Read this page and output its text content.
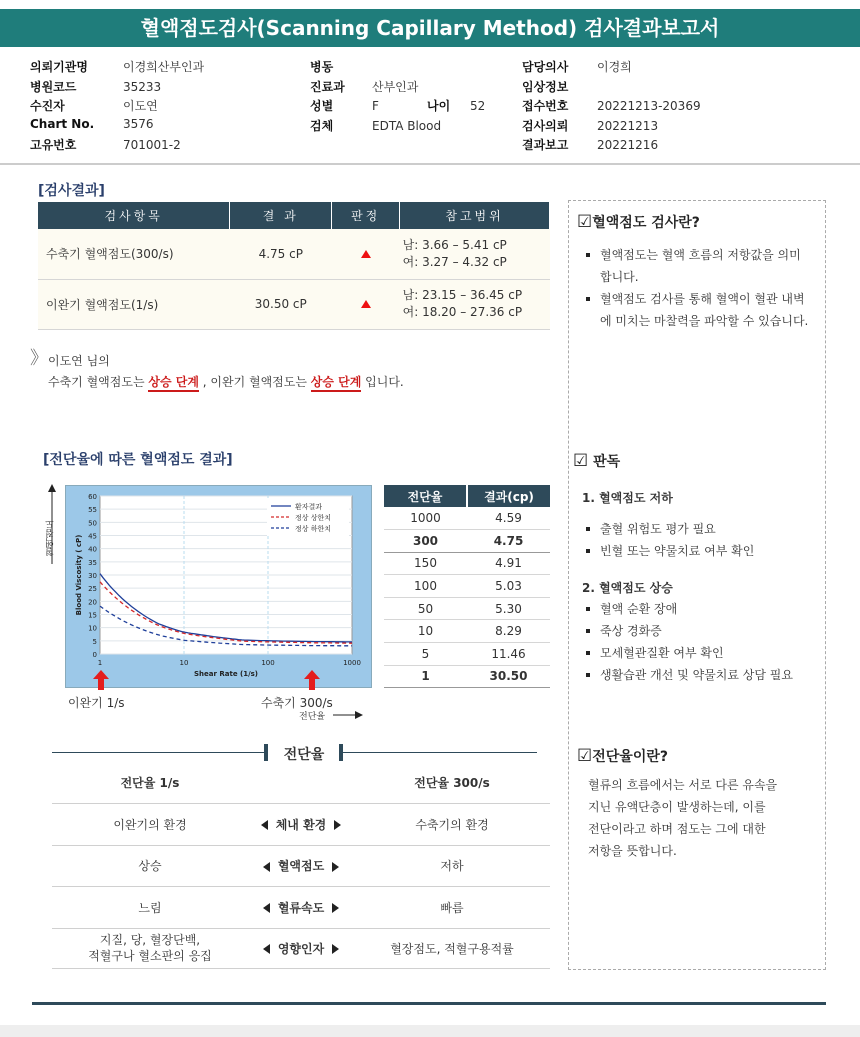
혈액점도검사(Scanning Capillary Method) 검사결과보고서
의뢰기관명	이경희산부인과
병원코드	35233
수진자	이도연
Chart No. 3576
고유번호	701001-2
병동
진료과 산부인과
성별	F	나이 52
검체	EDTA Blood
담당의사 이경희
임상정보
접수번호 20221213-20369
검사의뢰 20221213
결과보고 20221216
[검사결과]
검사항목	결 과	판정	참고범위
수축기 혈액점도(300/s)	4.75 cP		남: 3.66 – 5.41 cP
여: 3.27 – 4.32 cP

이완기 혈액점도(1/s)	30.50 cP		남: 23.15 – 36.45 cP
여: 18.20 – 27.36 cP
》 이도연 님의
수축기 혈액점도는 상승 단계 , 이완기 혈액점도는 상승 단계 입니다.
[전단율에 따른 혈액점도 결과]
혈액점도
0
5
10
15
20
25
30
35
40
45
50
55
60
1	10	100	1000
Shear Rate (1/s)
Blood Viscosity ( cP)
환자결과
정상 상한치
정상 하한치
이완기 1/s	수축기 300/s
전단율
전단율	결과(cp)
1000	4.59
300	4.75
150	4.91
100	5.03
50	5.30
10	8.29
5	11.46
1	30.50
전단율
전단율 1/s		전단율 300/s
이완기의 환경	체내 환경	수축기의 환경
상승	혈액점도	저하
느림	혈류속도	빠름

지질, 당, 혈장단백,
적혈구나 혈소판의 응집	영향인자	혈장점도, 적혈구용적률
☑혈액점도 검사란?
혈액점도는 혈액 흐름의 저항값을 의미합니다.
혈액점도 검사를 통해 혈액이 혈관 내벽에 미치는 마찰력을 파악할 수 있습니다.
☑ 판독
1. 혈액점도 저하
출혈 위험도 평가 필요
빈혈 또는 약물치료 여부 확인
2. 혈액점도 상승
혈액 순환 장애
죽상 경화증
모세혈관질환 여부 확인
생활습관 개선 및 약물치료 상담 필요
☑전단율이란?
혈류의 흐름에서는 서로 다른 유속을
지닌 유액단층이 발생하는데, 이를
전단이라고 하며 점도는 그에 대한
저항을 뜻합니다.
